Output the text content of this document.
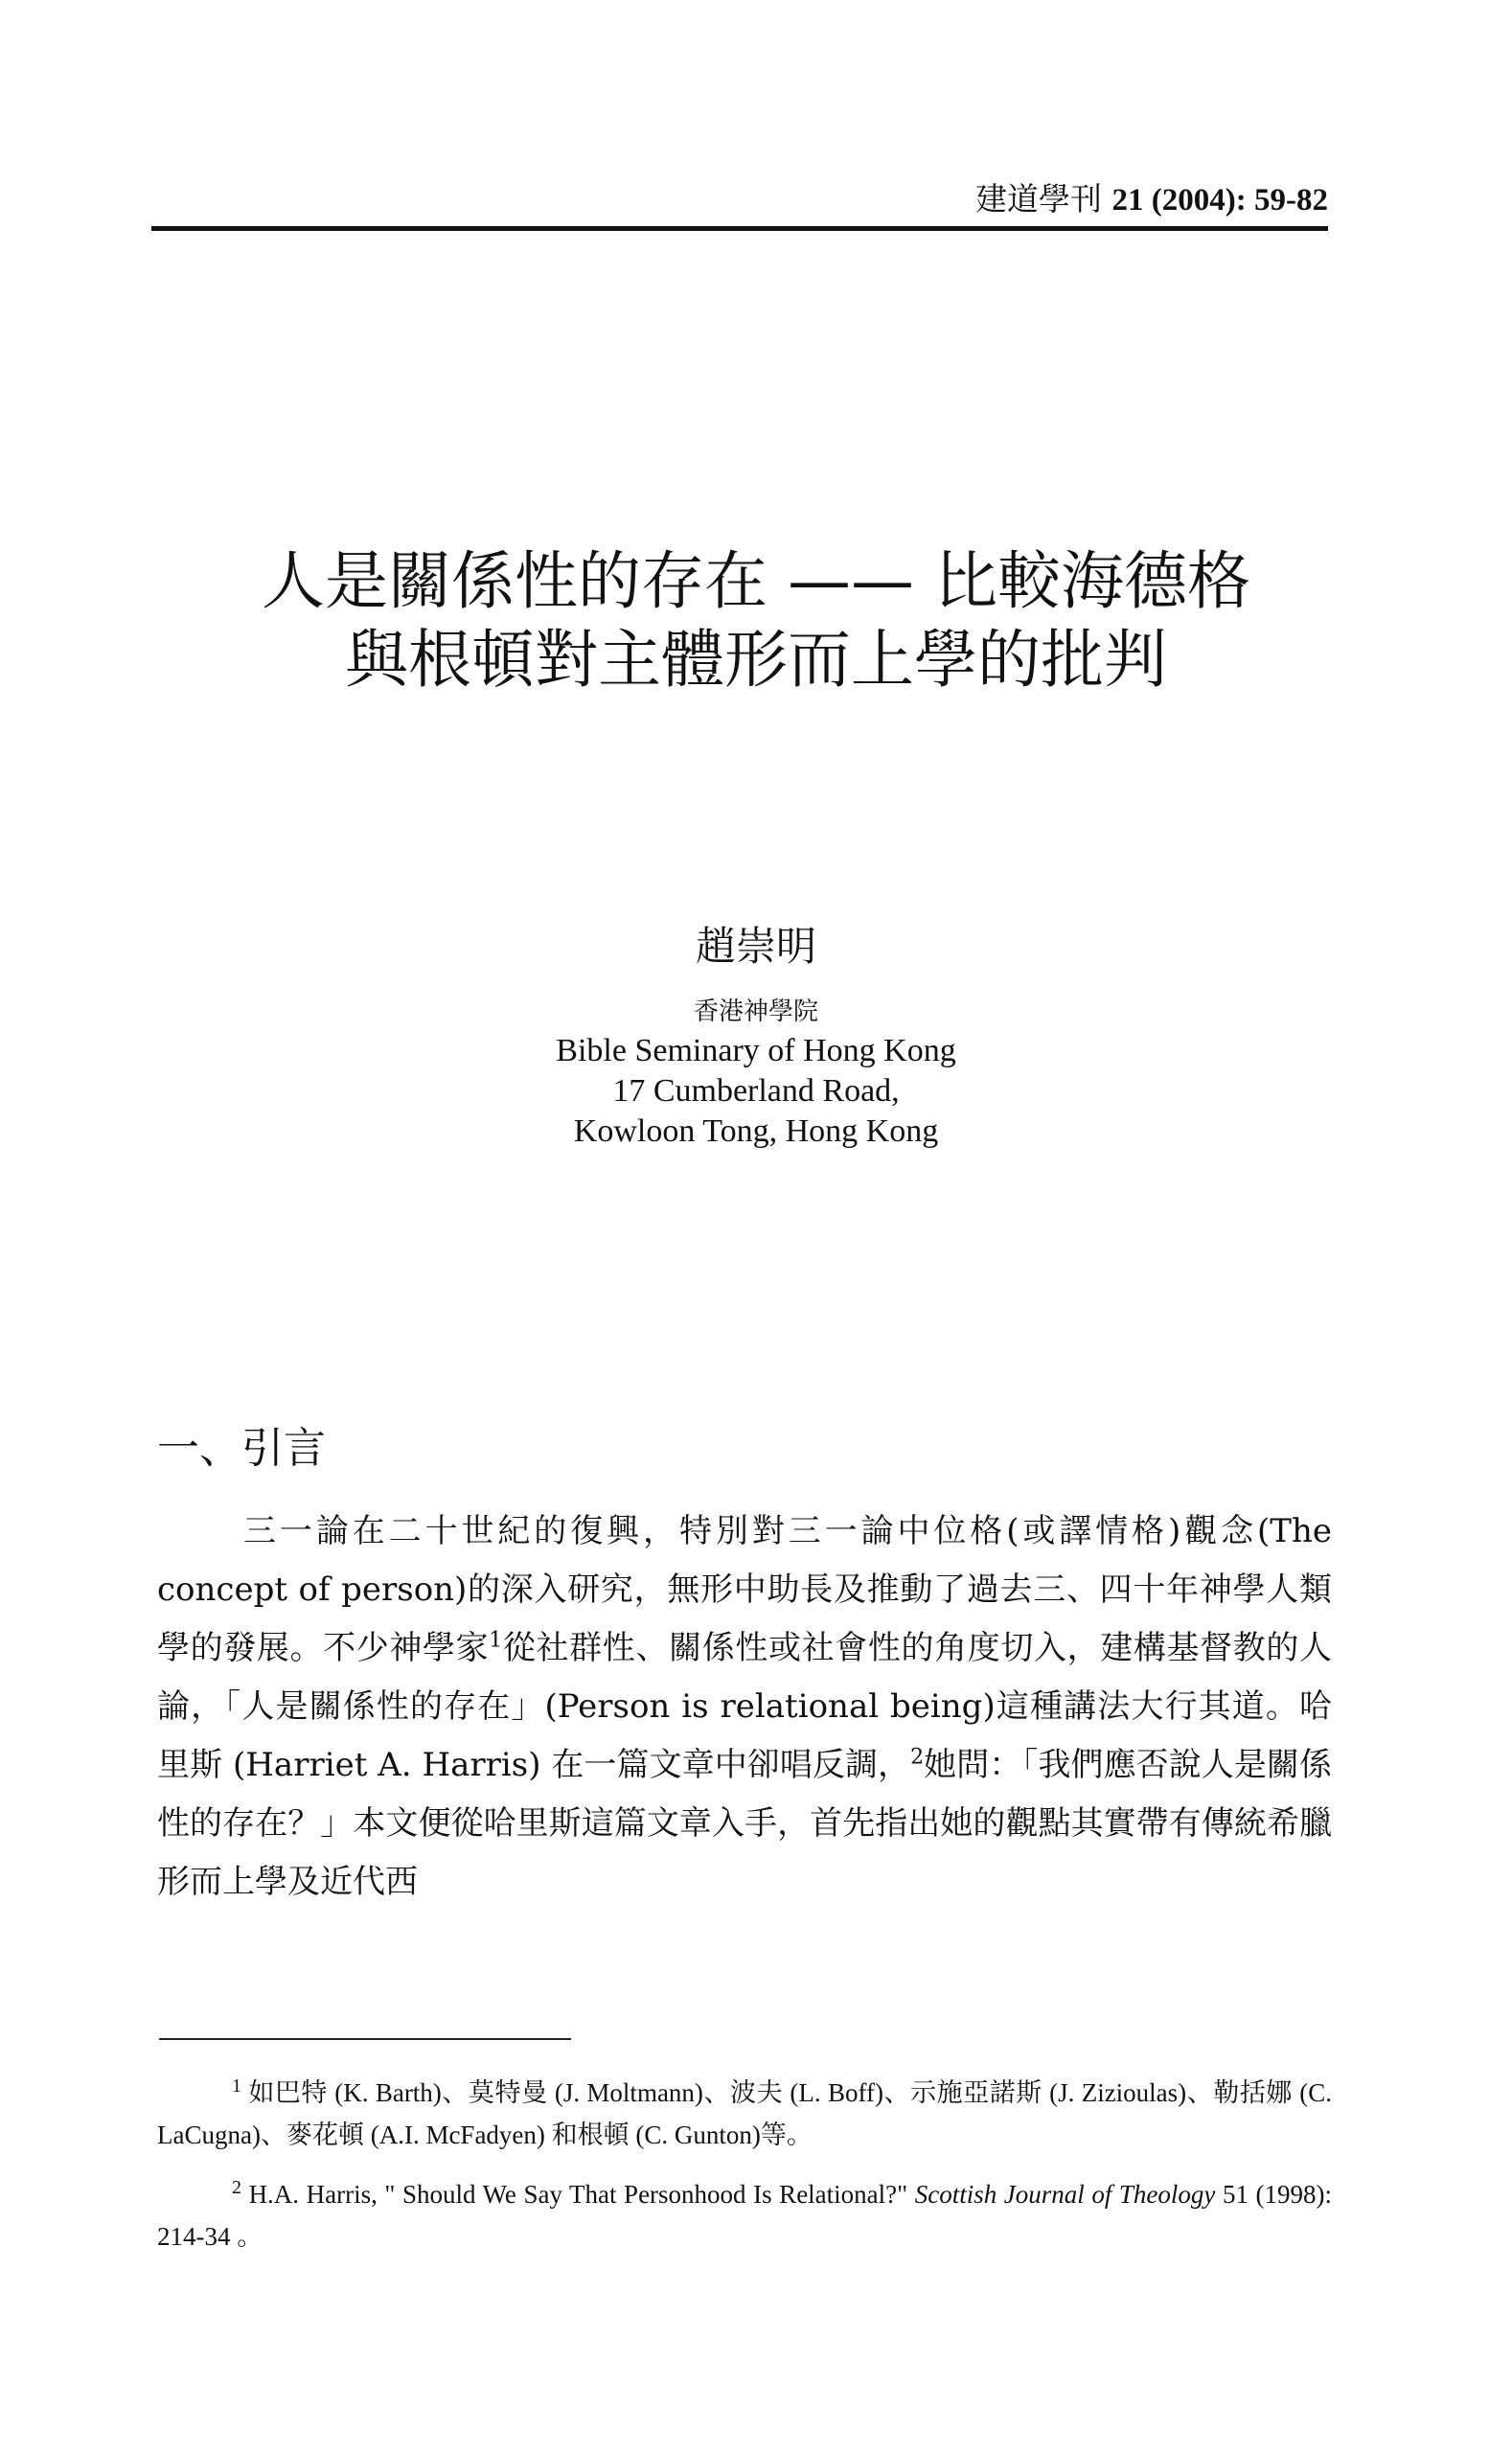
建道學刊 21 (2004): 59-82
人是關係性的存在 —— 比較海德格
與根頓對主體形而上學的批判
趙崇明
香港神學院
Bible Seminary of Hong Kong
17 Cumberland Road,
Kowloon Tong, Hong Kong
一、引言
三一論在二十世紀的復興，特別對三一論中位格(或譯情格)觀念(The concept of person)的深入研究，無形中助長及推動了過去三、四十年神學人類學的發展。不少神學家$^1$從社群性、關係性或社會性的角度切入，建構基督教的人論，「人是關係性的存在」(Person is relational being)這種講法大行其道。哈里斯 (Harriet A. Harris) 在一篇文章中卻唱反調，$^2$她問：「我們應否說人是關係性的存在？」本文便從哈里斯這篇文章入手，首先指出她的觀點其實帶有傳統希臘形而上學及近代西
$^1$ 如巴特 (K. Barth)、莫特曼 (J. Moltmann)、波夫 (L. Boff)、示施亞諾斯 (J. Zizioulas)、勒括娜 (C. LaCugna)、麥花頓 (A.I. McFadyen) 和根頓 (C. Gunton)等。
$^2$ H.A. Harris, " Should We Say That Personhood Is Relational?" Scottish Journal of Theology 51 (1998): 214-34 。
